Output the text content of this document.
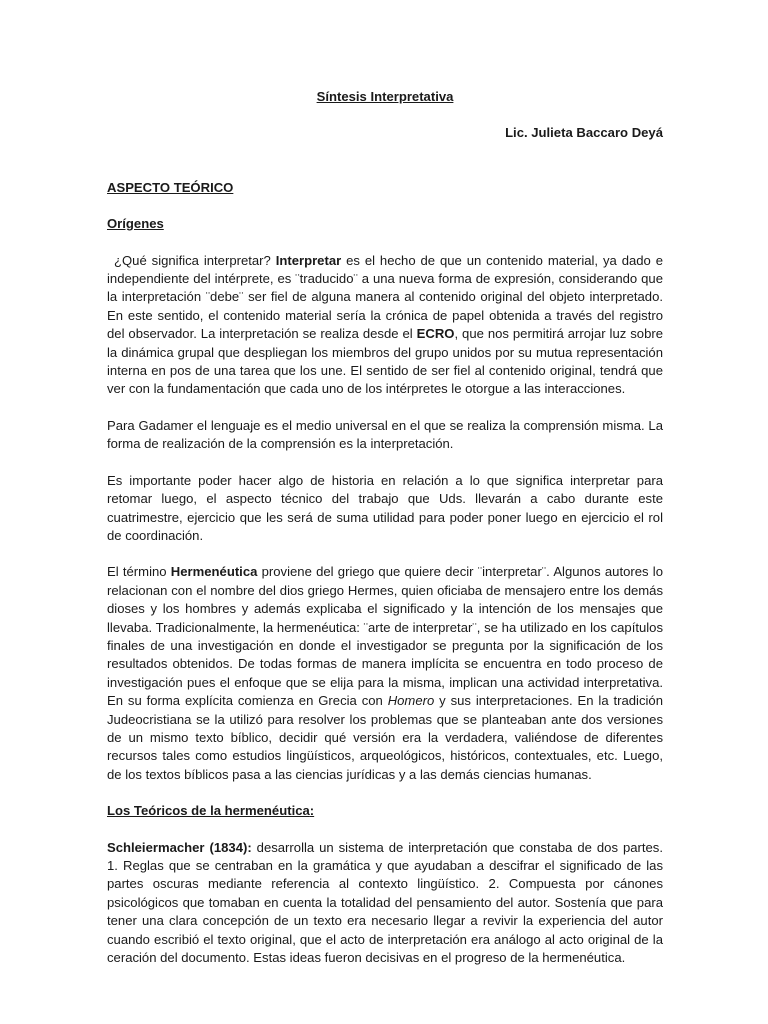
Síntesis Interpretativa

Lic. Julieta Baccaro Deyá

ASPECTO TEÓRICO

Orígenes

¿Qué significa interpretar? Interpretar es el hecho de que un contenido material, ya dado e independiente del intérprete, es ¨traducido¨ a una nueva forma de expresión, considerando que la interpretación ¨debe¨ ser fiel de alguna manera al contenido original del objeto interpretado. En este sentido, el contenido material sería la crónica de papel obtenida a través del registro del observador. La interpretación se realiza desde el ECRO, que nos permitirá arrojar luz sobre la dinámica grupal que despliegan los miembros del grupo unidos por su mutua representación interna en pos de una tarea que los une. El sentido de ser fiel al contenido original, tendrá que ver con la fundamentación que cada uno de los intérpretes le otorgue a las interacciones.

Para Gadamer el lenguaje es el medio universal en el que se realiza la comprensión misma. La forma de realización de la comprensión es la interpretación.

Es importante poder hacer algo de historia en relación a lo que significa interpretar para retomar luego, el aspecto técnico del trabajo que Uds. llevarán a cabo durante este cuatrimestre, ejercicio que les será de suma utilidad para poder poner luego en ejercicio el rol de coordinación.

El término Hermenéutica proviene del griego que quiere decir ¨interpretar¨. Algunos autores lo relacionan con el nombre del dios griego Hermes, quien oficiaba de mensajero entre los demás dioses y los hombres y además explicaba el significado y la intención de los mensajes que llevaba. Tradicionalmente, la hermenéutica: ¨arte de interpretar¨, se ha utilizado en los capítulos finales de una investigación en donde el investigador se pregunta por la significación de los resultados obtenidos. De todas formas de manera implícita se encuentra en todo proceso de investigación pues el enfoque que se elija para la misma, implican una actividad interpretativa. En su forma explícita comienza en Grecia con Homero y sus interpretaciones. En la tradición Judeocristiana se la utilizó para resolver los problemas que se planteaban ante dos versiones de un mismo texto bíblico, decidir qué versión era la verdadera, valiéndose de diferentes recursos tales como estudios lingüísticos, arqueológicos, históricos, contextuales, etc. Luego, de los textos bíblicos pasa a las ciencias jurídicas y a las demás ciencias humanas.

Los Teóricos de la hermenéutica:

Schleiermacher (1834): desarrolla un sistema de interpretación que constaba de dos partes. 1. Reglas que se centraban en la gramática y que ayudaban a descifrar el significado de las partes oscuras mediante referencia al contexto lingüístico. 2. Compuesta por cánones psicológicos que tomaban en cuenta la totalidad del pensamiento del autor. Sostenía que para tener una clara concepción de un texto era necesario llegar a revivir la experiencia del autor cuando escribió el texto original, que el acto de interpretación era análogo al acto original de la ceración del documento. Estas ideas fueron decisivas en el progreso de la hermenéutica.
